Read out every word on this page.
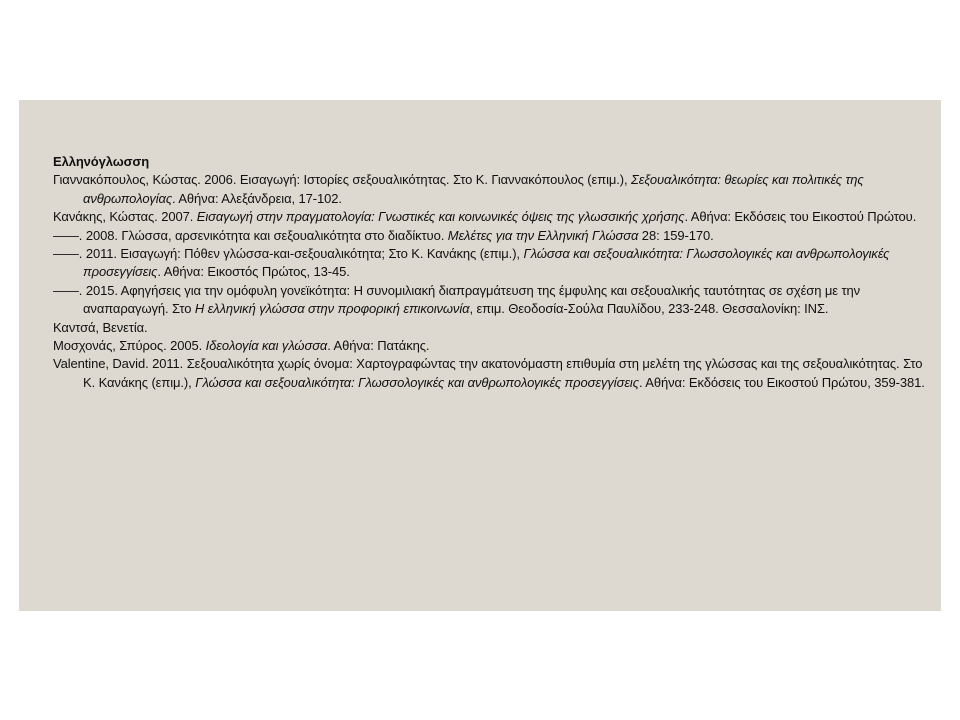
Ελληνόγλωσση

Γιαννακόπουλος, Κώστας. 2006. Εισαγωγή: Ιστορίες σεξουαλικότητας. Στο Κ. Γιαννακόπουλος (επιμ.), Σεξουαλικότητα: θεωρίες και πολιτικές της ανθρωπολογίας. Αθήνα: Αλεξάνδρεια, 17-102.

Κανάκης, Κώστας. 2007. Εισαγωγή στην πραγματολογία: Γνωστικές και κοινωνικές όψεις της γλωσσικής χρήσης. Αθήνα: Εκδόσεις του Εικοστού Πρώτου.

——. 2008. Γλώσσα, αρσενικότητα και σεξουαλικότητα στο διαδίκτυο. Μελέτες για την Ελληνική Γλώσσα 28: 159-170.

——. 2011. Εισαγωγή: Πόθεν γλώσσα-και-σεξουαλικότητα; Στο Κ. Κανάκης (επιμ.), Γλώσσα και σεξουαλικότητα: Γλωσσολογικές και ανθρωπολογικές προσεγγίσεις. Αθήνα: Εικοστός Πρώτος, 13-45.

——. 2015. Αφηγήσεις για την ομόφυλη γονεϊκότητα: Η συνομιλιακή διαπραγμάτευση της έμφυλης και σεξουαλικής ταυτότητας σε σχέση με την αναπαραγωγή. Στο Η ελληνική γλώσσα στην προφορική επικοινωνία, επιμ. Θεοδοσία-Σούλα Παυλίδου, 233-248. Θεσσαλονίκη: ΙΝΣ.

Καντσά, Βενετία.

Μοσχονάς, Σπύρος. 2005. Ιδεολογία και γλώσσα. Αθήνα: Πατάκης.

Valentine, David. 2011. Σεξουαλικότητα χωρίς όνομα: Χαρτογραφώντας την ακατονόμαστη επιθυμία στη μελέτη της γλώσσας και της σεξουαλικότητας. Στο Κ. Κανάκης (επιμ.), Γλώσσα και σεξουαλικότητα: Γλωσσολογικές και ανθρωπολογικές προσεγγίσεις. Αθήνα: Εκδόσεις του Εικοστού Πρώτου, 359-381.
